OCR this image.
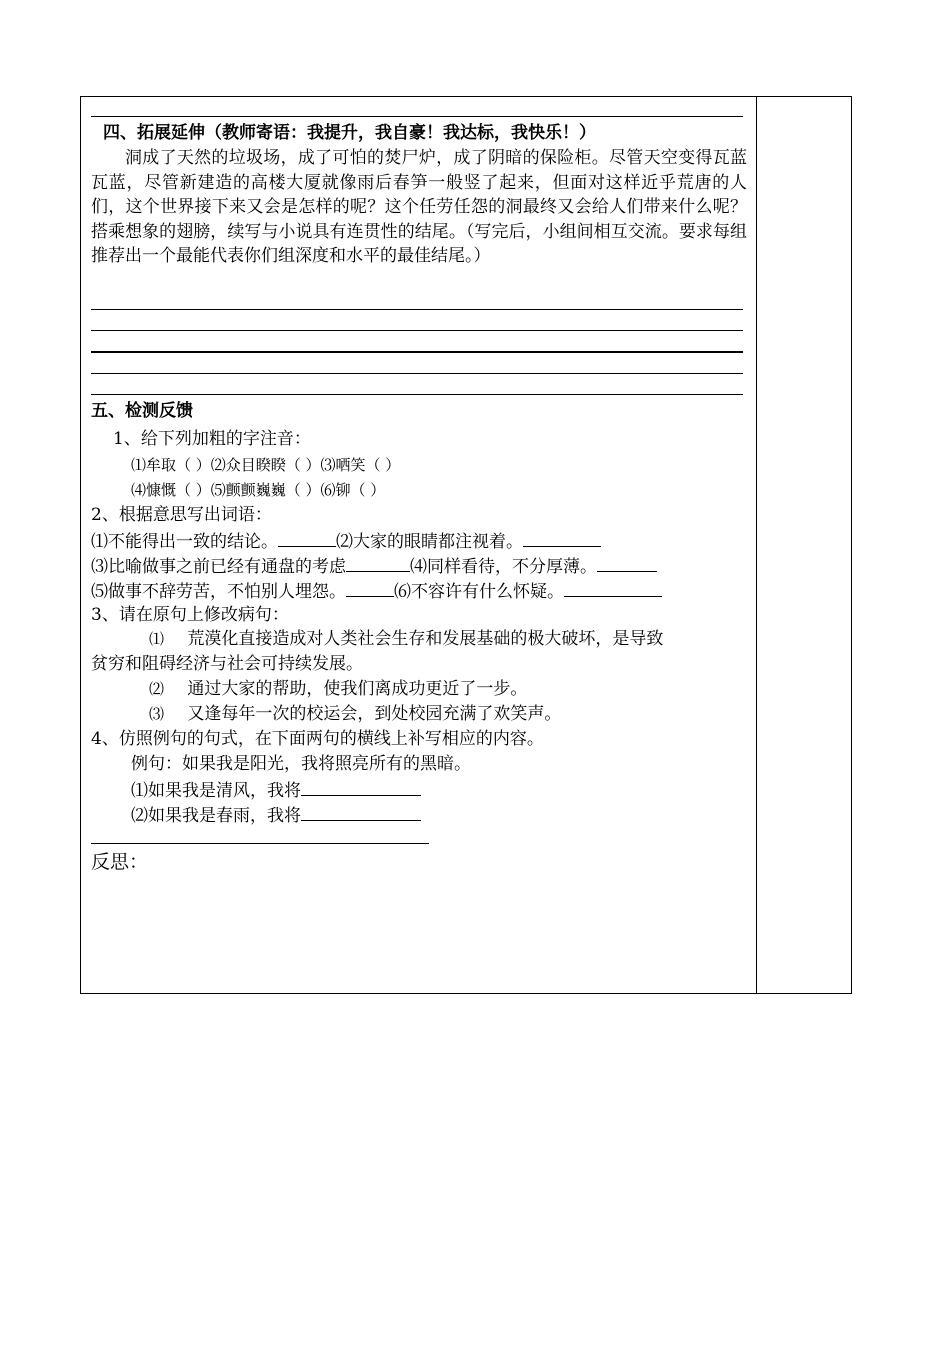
四、拓展延伸（教师寄语：我提升，我自豪！我达标，我快乐！）
洞成了天然的垃圾场，成了可怕的焚尸炉，成了阴暗的保险柜。尽管天空变得瓦蓝瓦蓝，尽管新建造的高楼大厦就像雨后春笋一般竖了起来，但面对这样近乎荒唐的人们，这个世界接下来又会是怎样的呢？这个任劳任怨的洞最终又会给人们带来什么呢？搭乘想象的翅膀，续写与小说具有连贯性的结尾。（写完后，小组间相互交流。要求每组推荐出一个最能代表你们组深度和水平的最佳结尾。）
五、检测反馈
1、给下列加粗的字注音：
⑴牟取（ ）⑵众目睽睽（ ）⑶哂笑（ ）
⑷慷慨（ ）⑸颤颤巍巍（ ）⑹铆（ ）
2、根据意思写出词语：
⑴不能得出一致的结论。	⑵大家的眼睛都注视着。
⑶比喻做事之前已经有通盘的考虑	⑷同样看待，不分厚薄。
⑸做事不辞劳苦，不怕别人埋怨。	⑹不容许有什么怀疑。
3、请在原句上修改病句：
⑴ 荒漠化直接造成对人类社会生存和发展基础的极大破坏，是导致
贫穷和阻碍经济与社会可持续发展。
⑵ 通过大家的帮助，使我们离成功更近了一步。
⑶ 又逢每年一次的校运会，到处校园充满了欢笑声。
4、仿照例句的句式，在下面两句的横线上补写相应的内容。
例句：如果我是阳光，我将照亮所有的黑暗。
⑴如果我是清风，我将
⑵如果我是春雨，我将
反思：
